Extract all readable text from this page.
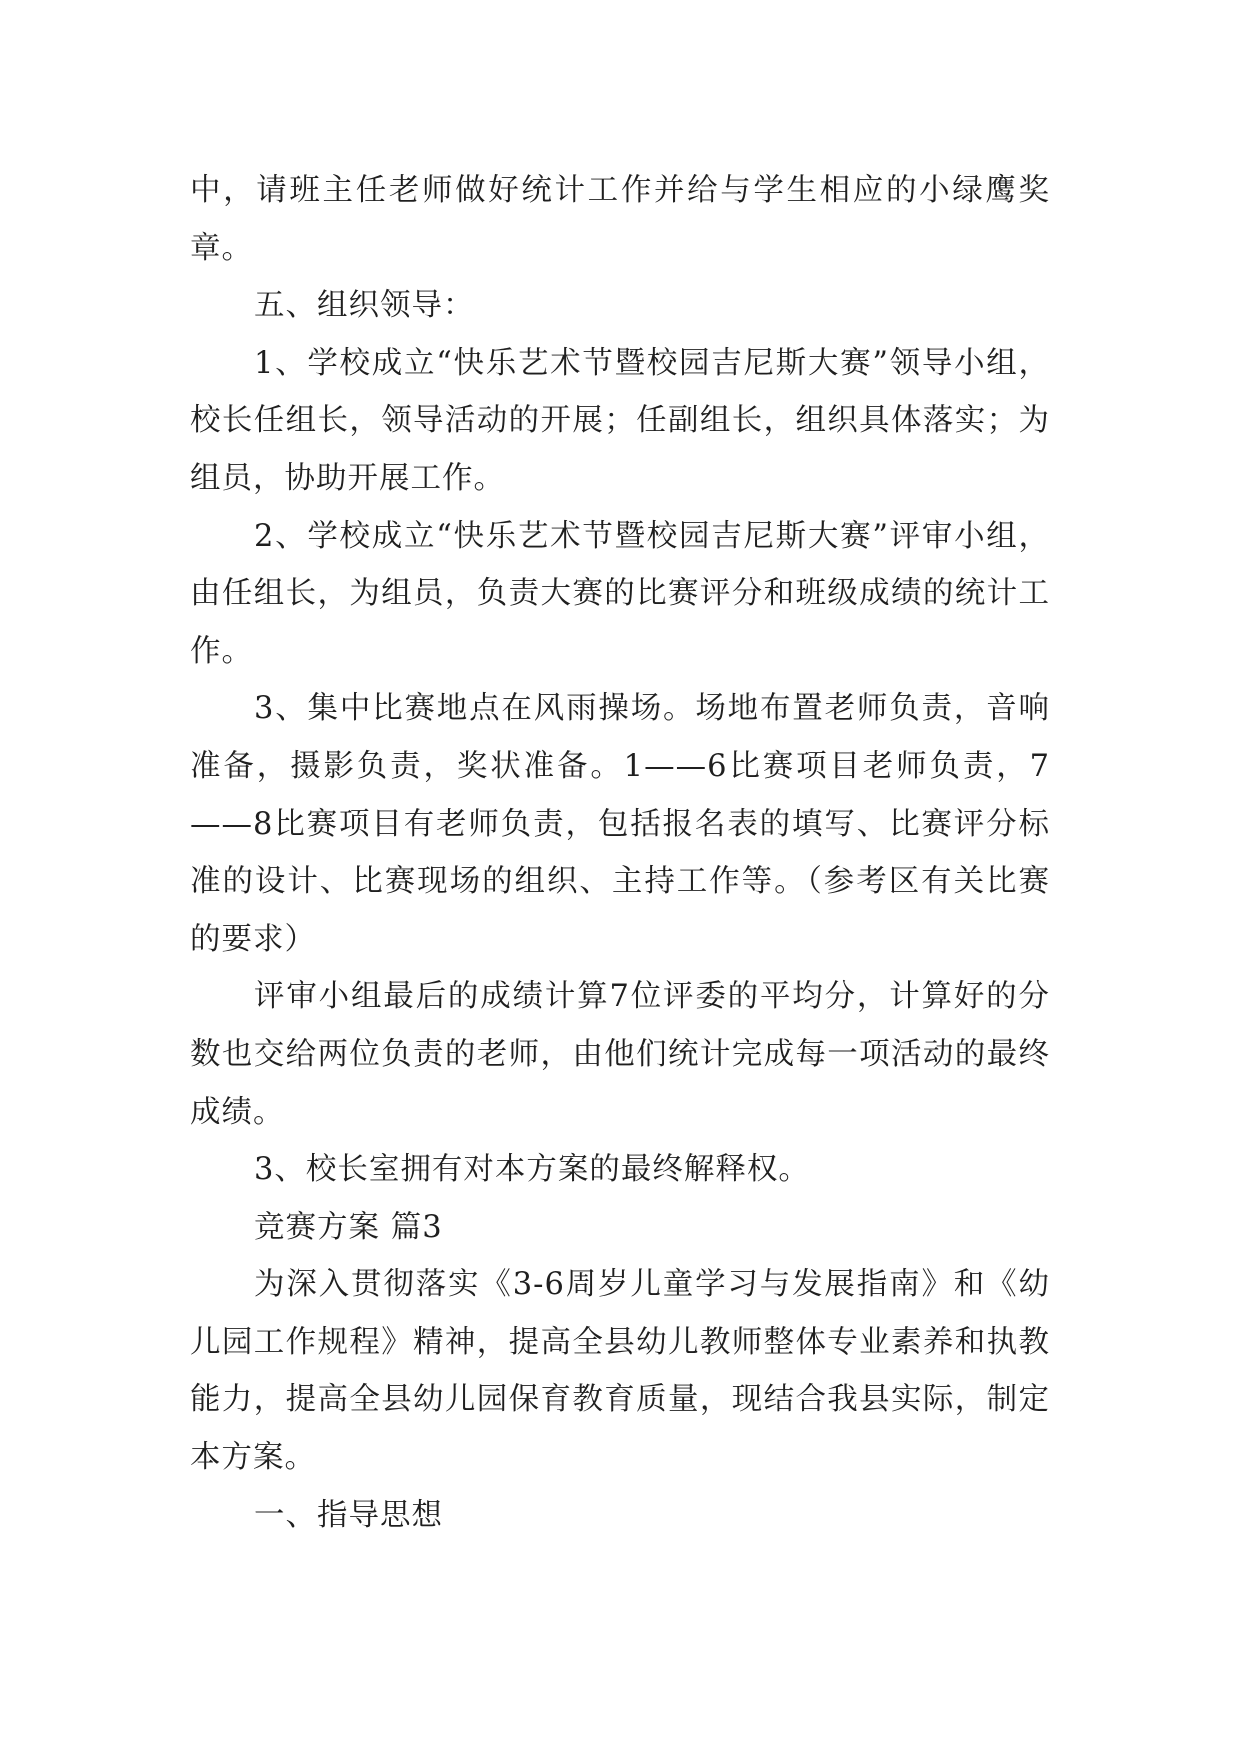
中，请班主任老师做好统计工作并给与学生相应的小绿鹰奖章。

五、组织领导：

1、学校成立“快乐艺术节暨校园吉尼斯大赛”领导小组，校长任组长，领导活动的开展；任副组长，组织具体落实；为组员，协助开展工作。

2、学校成立“快乐艺术节暨校园吉尼斯大赛”评审小组，由任组长，为组员，负责大赛的比赛评分和班级成绩的统计工作。

3、集中比赛地点在风雨操场。场地布置老师负责，音响准备，摄影负责，奖状准备。1——6比赛项目老师负责，7——8比赛项目有老师负责，包括报名表的填写、比赛评分标准的设计、比赛现场的组织、主持工作等。（参考区有关比赛的要求）

评审小组最后的成绩计算7位评委的平均分，计算好的分数也交给两位负责的老师，由他们统计完成每一项活动的最终成绩。

3、校长室拥有对本方案的最终解释权。

竞赛方案 篇3

为深入贯彻落实《3-6周岁儿童学习与发展指南》和《幼儿园工作规程》精神，提高全县幼儿教师整体专业素养和执教能力，提高全县幼儿园保育教育质量，现结合我县实际，制定本方案。

一、指导思想
